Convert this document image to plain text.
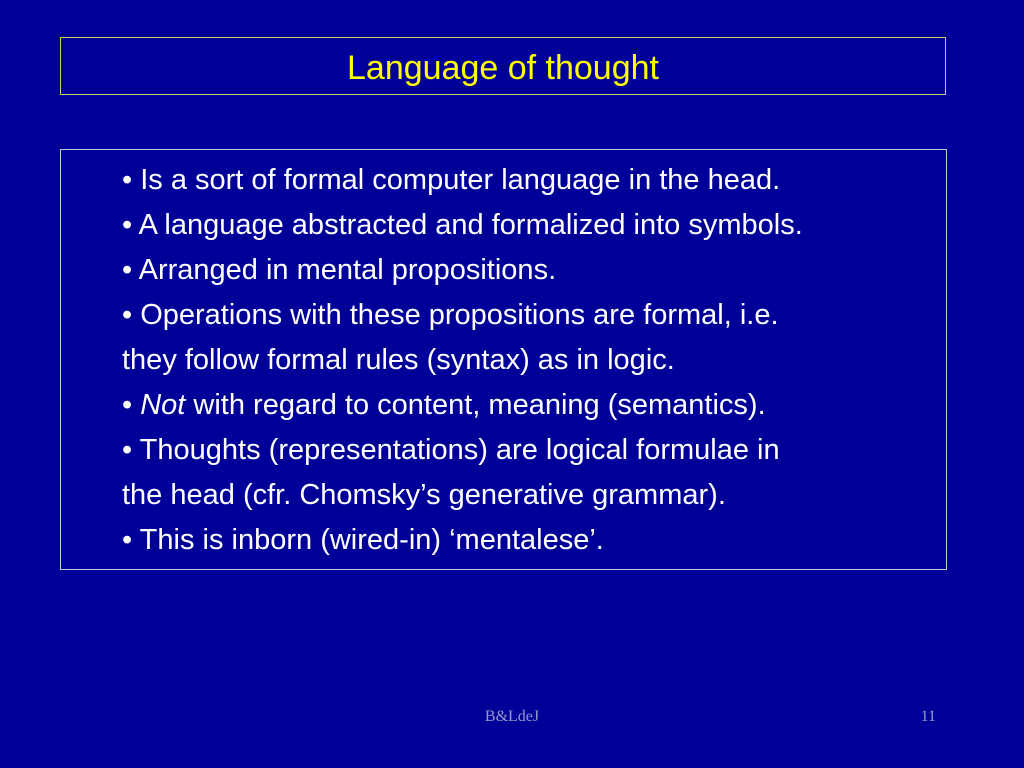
Language of thought
• Is a sort of formal computer language in the head.
• A language abstracted and formalized into symbols.
• Arranged in mental propositions.
• Operations with these propositions are formal, i.e.
they follow formal rules (syntax) as in logic.
• Not with regard to content, meaning (semantics).
• Thoughts (representations) are logical formulae in
the head (cfr. Chomsky’s generative grammar).
• This is inborn (wired-in) ‘mentalese’.
B&LdeJ	11
